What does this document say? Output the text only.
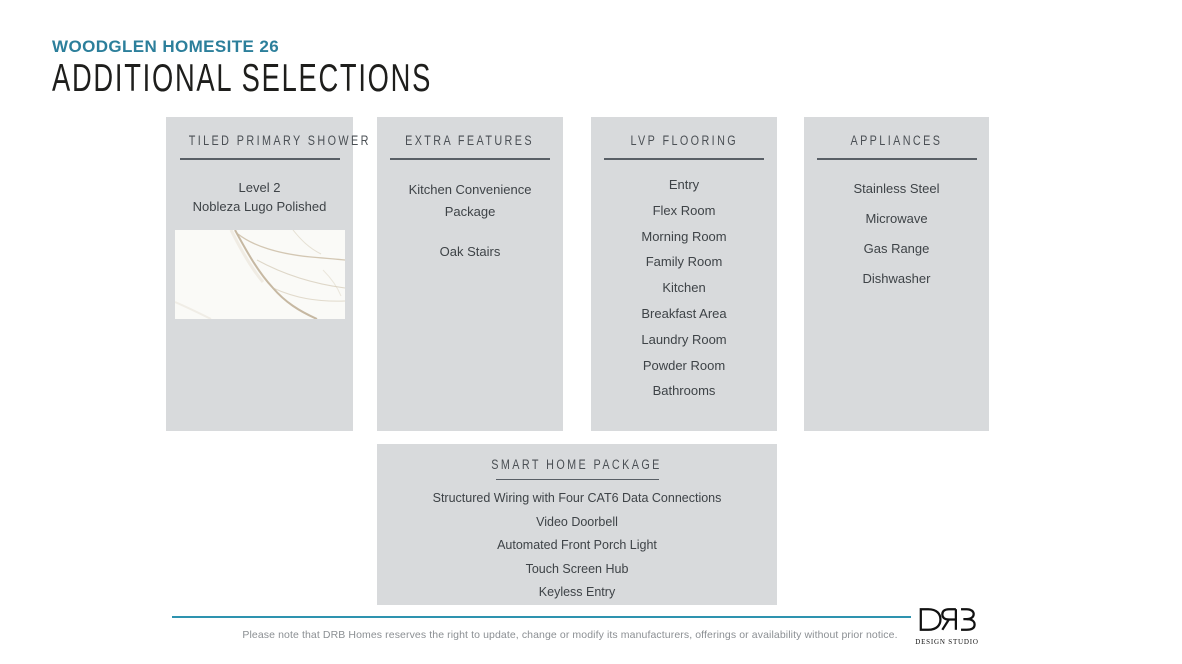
WOODGLEN HOMESITE 26
ADDITIONAL SELECTIONS
TILED PRIMARY SHOWER
Level 2
Nobleza Lugo Polished
EXTRA FEATURES
Kitchen Convenience Package
Oak Stairs
LVP FLOORING
Entry
Flex Room
Morning Room
Family Room
Kitchen
Breakfast Area
Laundry Room
Powder Room
Bathrooms
APPLIANCES
Stainless Steel
Microwave
Gas Range
Dishwasher
SMART HOME PACKAGE
Structured Wiring with Four CAT6 Data Connections
Video Doorbell
Automated Front Porch Light
Touch Screen Hub
Keyless Entry
Please note that DRB Homes reserves the right to update, change or modify its manufacturers, offerings or availability without prior notice.
DESIGN STUDIO
